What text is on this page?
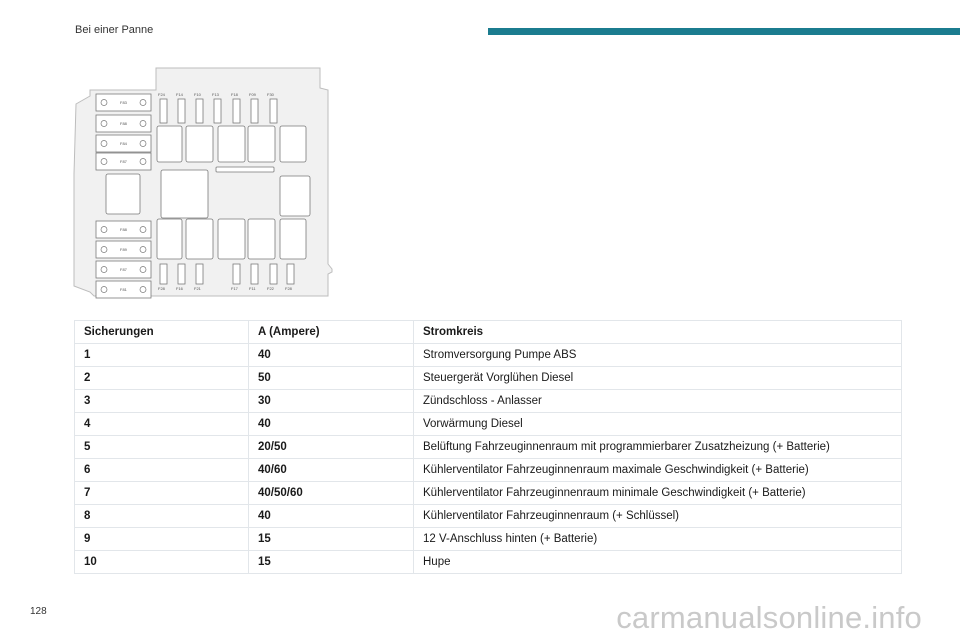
Bei einer Panne
F83
F88
F84
F87
F88
F89
F87
F81
F24	F14	F10	F13	F18	F09	F30
F28	F16	F21	F17	F11	F22	F28
Sicherungen	A (Ampere)	Stromkreis
1	40	Stromversorgung Pumpe ABS
2	50	Steuergerät Vorglühen Diesel
3	30	Zündschloss - Anlasser
4	40	Vorwärmung Diesel
5	20/50	Belüftung Fahrzeuginnenraum mit programmierbarer Zusatzheizung (+ Batterie)
6	40/60	Kühlerventilator Fahrzeuginnenraum maximale Geschwindigkeit (+ Batterie)
7	40/50/60	Kühlerventilator Fahrzeuginnenraum minimale Geschwindigkeit (+ Batterie)
8	40	Kühlerventilator Fahrzeuginnenraum (+ Schlüssel)
9	15	12 V-Anschluss hinten (+ Batterie)
10	15	Hupe
128	carmanualsonline.info
